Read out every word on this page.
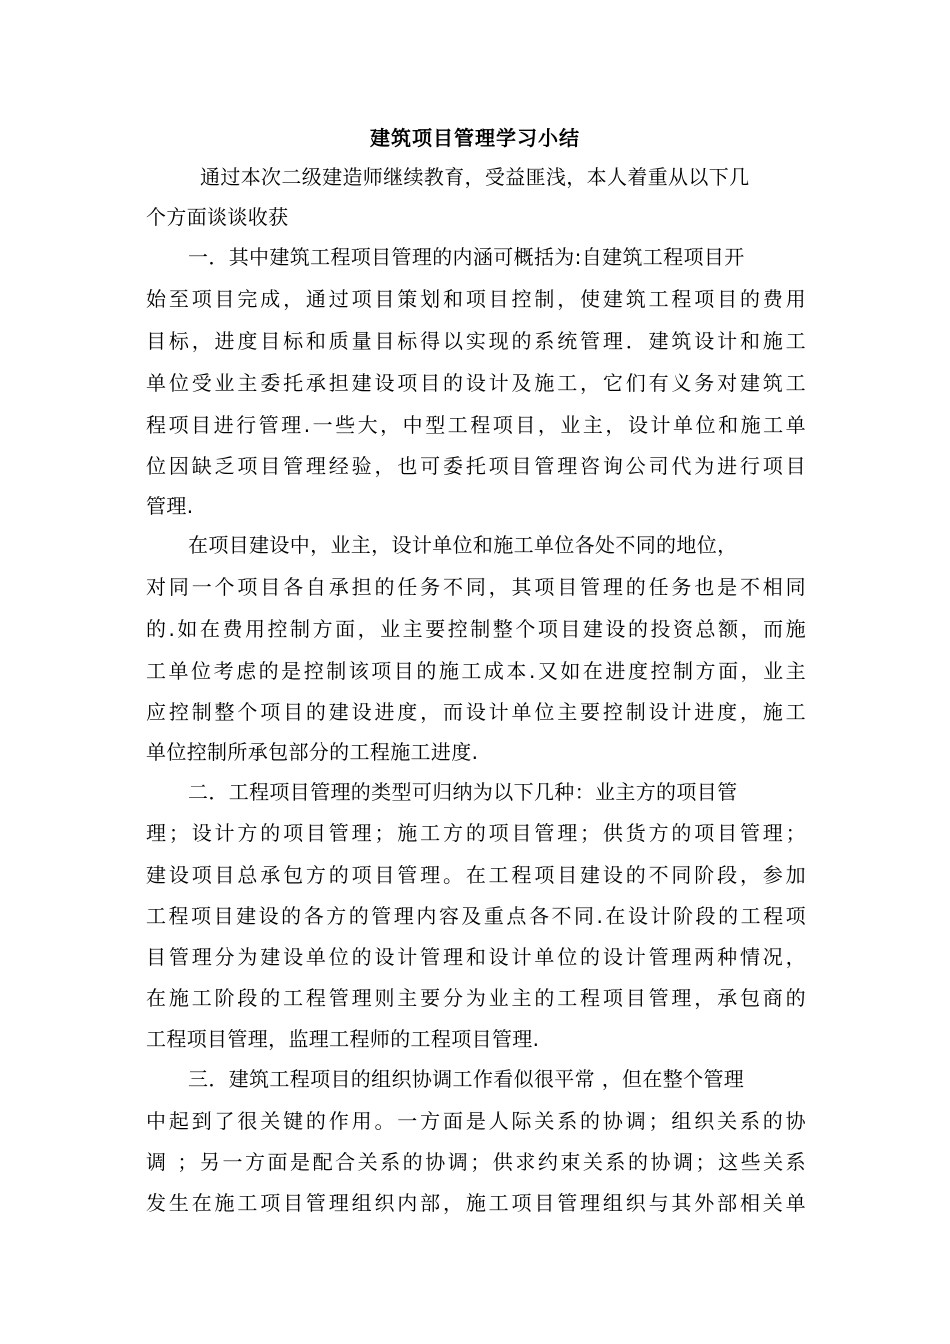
建筑项目管理学习小结
通过本次二级建造师继续教育，受益匪浅，本人着重从以下几
个方面谈谈收获
一．其中建筑工程项目管理的内涵可概括为:自建筑工程项目开
始至项目完成，通过项目策划和项目控制，使建筑工程项目的费用
目标，进度目标和质量目标得以实现的系统管理．建筑设计和施工
单位受业主委托承担建设项目的设计及施工，它们有义务对建筑工
程项目进行管理.一些大，中型工程项目，业主，设计单位和施工单
位因缺乏项目管理经验，也可委托项目管理咨询公司代为进行项目
管理.
在项目建设中，业主，设计单位和施工单位各处不同的地位，
对同一个项目各自承担的任务不同，其项目管理的任务也是不相同
的.如在费用控制方面，业主要控制整个项目建设的投资总额，而施
工单位考虑的是控制该项目的施工成本.又如在进度控制方面，业主
应控制整个项目的建设进度，而设计单位主要控制设计进度，施工
单位控制所承包部分的工程施工进度.
二．工程项目管理的类型可归纳为以下几种：业主方的项目管
理；设计方的项目管理；施工方的项目管理；供货方的项目管理；
建设项目总承包方的项目管理。在工程项目建设的不同阶段，参加
工程项目建设的各方的管理内容及重点各不同.在设计阶段的工程项
目管理分为建设单位的设计管理和设计单位的设计管理两种情况，
在施工阶段的工程管理则主要分为业主的工程项目管理，承包商的
工程项目管理，监理工程师的工程项目管理.
三．建筑工程项目的组织协调工作看似很平常 ，但在整个管理
中起到了很关键的作用。一方面是人际关系的协调；组织关系的协
调 ；另一方面是配合关系的协调；供求约束关系的协调；这些关系
发生在施工项目管理组织内部，施工项目管理组织与其外部相关单
